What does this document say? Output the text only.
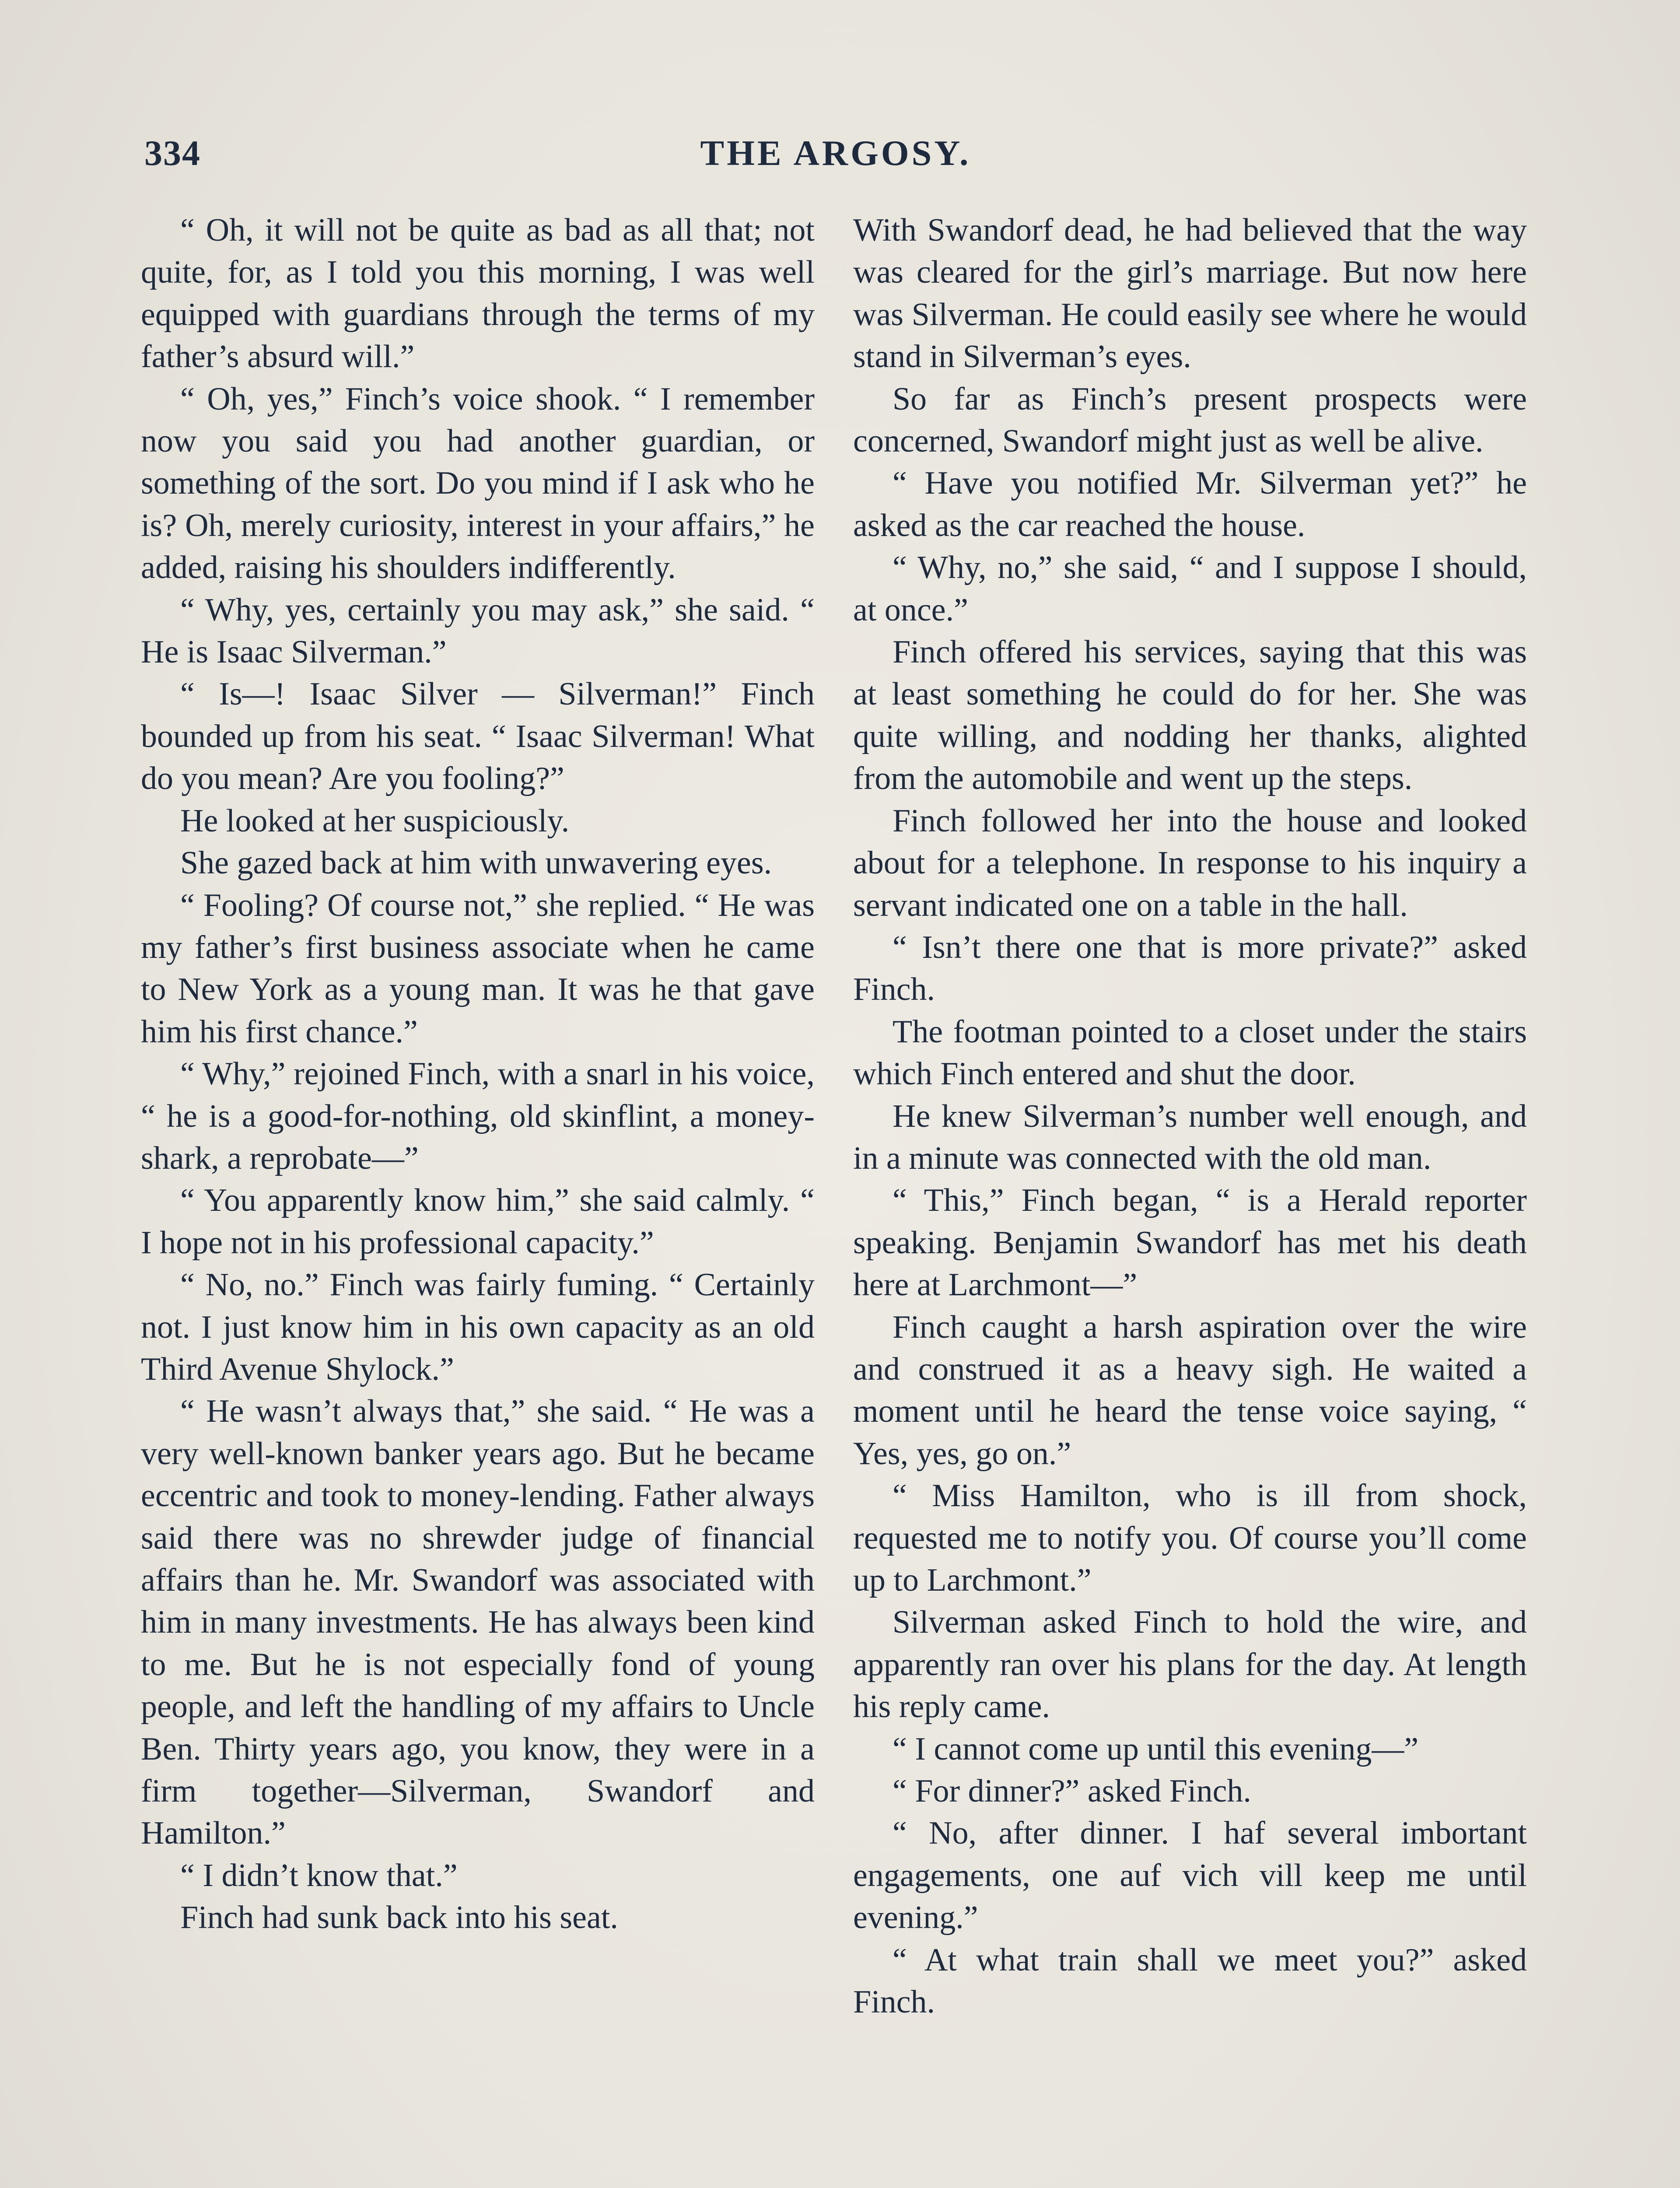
334	THE ARGOSY.

“ Oh, it will not be quite as bad as all that; not quite, for, as I told you this morning, I was well equipped with guardians through the terms of my father’s absurd will.”

“ Oh, yes,” Finch’s voice shook. “ I remember now you said you had another guardian, or something of the sort. Do you mind if I ask who he is? Oh, merely curiosity, interest in your affairs,” he added, raising his shoulders indifferently.

“ Why, yes, certainly you may ask,” she said. “ He is Isaac Silverman.”

“ Is—! Isaac Silver — Silverman!” Finch bounded up from his seat. “ Isaac Silverman! What do you mean? Are you fooling?”

He looked at her suspiciously.

She gazed back at him with unwavering eyes.

“ Fooling? Of course not,” she replied. “ He was my father’s first business associate when he came to New York as a young man. It was he that gave him his first chance.”

“ Why,” rejoined Finch, with a snarl in his voice, “ he is a good-for-nothing, old skinflint, a money-shark, a reprobate—”

“ You apparently know him,” she said calmly. “ I hope not in his professional capacity.”

“ No, no.” Finch was fairly fuming. “ Certainly not. I just know him in his own capacity as an old Third Avenue Shylock.”

“ He wasn’t always that,” she said. “ He was a very well-known banker years ago. But he became eccentric and took to money-lending. Father always said there was no shrewder judge of financial affairs than he. Mr. Swandorf was associated with him in many investments. He has always been kind to me. But he is not especially fond of young people, and left the handling of my affairs to Uncle Ben. Thirty years ago, you know, they were in a firm together—Silverman, Swandorf and Hamilton.”

“ I didn’t know that.”

Finch had sunk back into his seat.

With Swandorf dead, he had believed that the way was cleared for the girl’s marriage. But now here was Silverman. He could easily see where he would stand in Silverman’s eyes.

So far as Finch’s present prospects were concerned, Swandorf might just as well be alive.

“ Have you notified Mr. Silverman yet?” he asked as the car reached the house.

“ Why, no,” she said, “ and I suppose I should, at once.”

Finch offered his services, saying that this was at least something he could do for her. She was quite willing, and nodding her thanks, alighted from the automobile and went up the steps.

Finch followed her into the house and looked about for a telephone. In response to his inquiry a servant indicated one on a table in the hall.

“ Isn’t there one that is more private?” asked Finch.

The footman pointed to a closet under the stairs which Finch entered and shut the door.

He knew Silverman’s number well enough, and in a minute was connected with the old man.

“ This,” Finch began, “ is a Herald reporter speaking. Benjamin Swandorf has met his death here at Larchmont—”

Finch caught a harsh aspiration over the wire and construed it as a heavy sigh. He waited a moment until he heard the tense voice saying, “ Yes, yes, go on.”

“ Miss Hamilton, who is ill from shock, requested me to notify you. Of course you’ll come up to Larchmont.”

Silverman asked Finch to hold the wire, and apparently ran over his plans for the day. At length his reply came.

“ I cannot come up until this evening—”

“ For dinner?” asked Finch.

“ No, after dinner. I haf several imbortant engagements, one auf vich vill keep me until evening.”

“ At what train shall we meet you?” asked Finch.
